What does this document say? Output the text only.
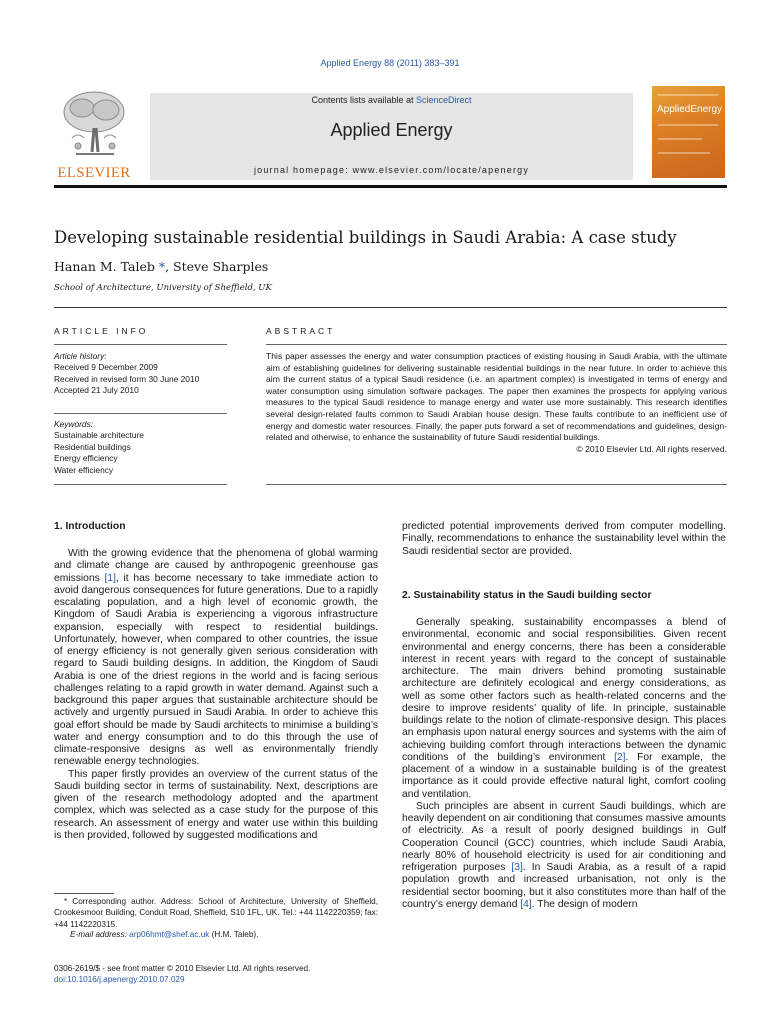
Applied Energy 88 (2011) 383–391
ELSEVIER
Contents lists available at ScienceDirect
Applied Energy
journal homepage: www.elsevier.com/locate/apenergy
AppliedEnergy
Developing sustainable residential buildings in Saudi Arabia: A case study
Hanan M. Taleb *, Steve Sharples
School of Architecture, University of Sheffield, UK
ARTICLE INFO
Article history:
Received 9 December 2009
Received in revised form 30 June 2010
Accepted 21 July 2010
Keywords:
Sustainable architecture
Residential buildings
Energy efficiency
Water efficiency
ABSTRACT
This paper assesses the energy and water consumption practices of existing housing in Saudi Arabia, with the ultimate aim of establishing guidelines for delivering sustainable residential buildings in the near future. In order to achieve this aim the current status of a typical Saudi residence (i.e. an apartment complex) is investigated in terms of energy and water consumption using simulation software packages. The paper then examines the prospects for applying various measures to the typical Saudi residence to manage energy and water use more sustainably. This research identifies several design-related faults common to Saudi Arabian house design. These faults contribute to an inefficient use of energy and domestic water resources. Finally, the paper puts forward a set of recommendations and guidelines, design-related and otherwise, to enhance the sustainability of future Saudi residential buildings.
© 2010 Elsevier Ltd. All rights reserved.
1. Introduction

With the growing evidence that the phenomena of global warming and climate change are caused by anthropogenic greenhouse gas emissions [1], it has become necessary to take immediate action to avoid dangerous consequences for future generations. Due to a rapidly escalating population, and a high level of economic growth, the Kingdom of Saudi Arabia is experiencing a vigorous infrastructure expansion, especially with respect to residential buildings. Unfortunately, however, when compared to other countries, the issue of energy efficiency is not generally given serious consideration with regard to Saudi building designs. In addition, the Kingdom of Saudi Arabia is one of the driest regions in the world and is facing serious challenges relating to a rapid growth in water demand. Against such a background this paper argues that sustainable architecture should be actively and urgently pursued in Saudi Arabia. In order to achieve this goal effort should be made by Saudi architects to minimise a building’s water and energy consumption and to do this through the use of climate-responsive designs as well as environmentally friendly renewable energy technologies.

This paper firstly provides an overview of the current status of the Saudi building sector in terms of sustainability. Next, descriptions are given of the research methodology adopted and the apartment complex, which was selected as a case study for the purpose of this research. An assessment of energy and water use within this building is then provided, followed by suggested modifications and

* Corresponding author. Address: School of Architecture, University of Sheffield, Crookesmoor Building, Conduit Road, Sheffield, S10 1FL, UK. Tel.: +44 1142220359; fax: +44 1142220315.
E-mail address: arp06hmt@shef.ac.uk (H.M. Taleb).
predicted potential improvements derived from computer modelling. Finally, recommendations to enhance the sustainability level within the Saudi residential sector are provided.
2. Sustainability status in the Saudi building sector

Generally speaking, sustainability encompasses a blend of environmental, economic and social responsibilities. Given recent environmental and energy concerns, there has been a considerable interest in recent years with regard to the concept of sustainable architecture. The main drivers behind promoting sustainable architecture are definitely ecological and energy considerations, as well as some other factors such as health-related concerns and the desire to improve residents’ quality of life. In principle, sustainable buildings relate to the notion of climate-responsive design. This places an emphasis upon natural energy sources and systems with the aim of achieving building comfort through interactions between the dynamic conditions of the building’s environment [2]. For example, the placement of a window in a sustainable building is of the greatest importance as it could provide effective natural light, comfort cooling and ventilation.

Such principles are absent in current Saudi buildings, which are heavily dependent on air conditioning that consumes massive amounts of electricity. As a result of poorly designed buildings in Gulf Cooperation Council (GCC) countries, which include Saudi Arabia, nearly 80% of household electricity is used for air conditioning and refrigeration purposes [3]. In Saudi Arabia, as a result of a rapid population growth and increased urbanisation, not only is the residential sector booming, but it also constitutes more than half of the country’s energy demand [4]. The design of modern

0306-2619/$ - see front matter © 2010 Elsevier Ltd. All rights reserved.
doi:10.1016/j.apenergy.2010.07.029
